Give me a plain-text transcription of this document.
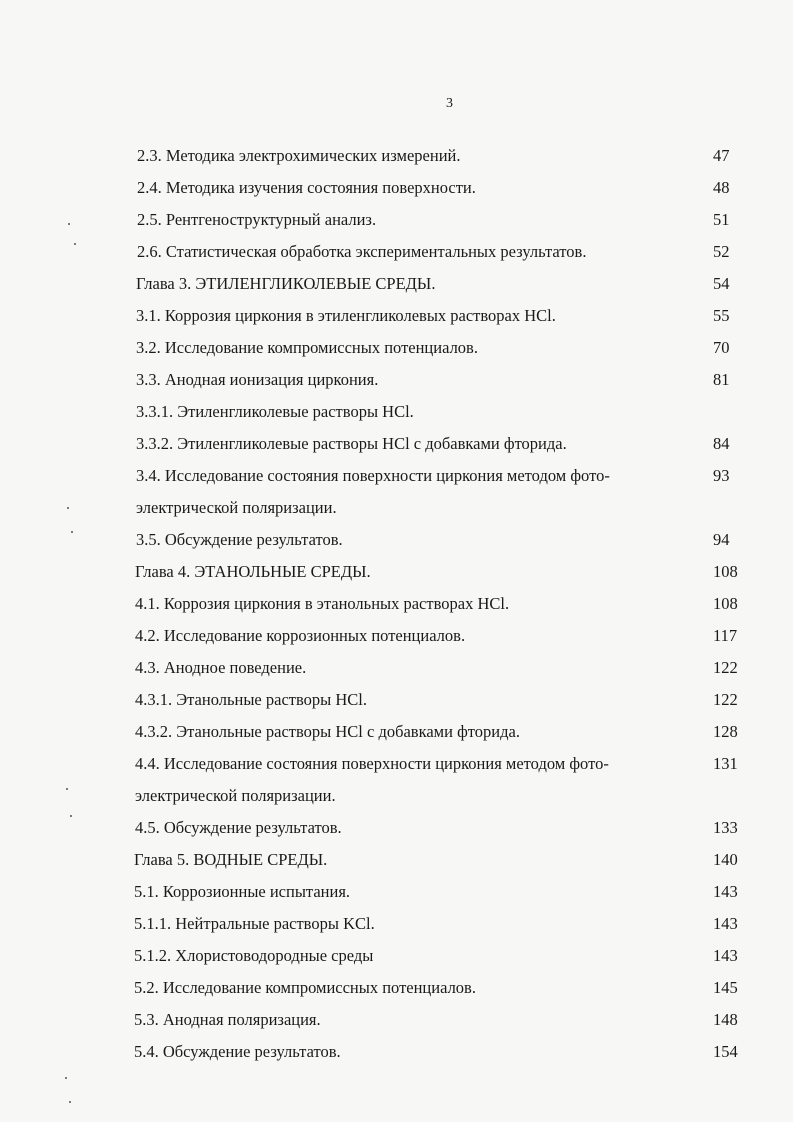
3
2.3. Методика электрохимических измерений.	47
2.4. Методика изучения состояния поверхности.	48
2.5. Рентгеноструктурный анализ.	51
2.6. Статистическая обработка экспериментальных результатов.	52
Глава 3. ЭТИЛЕНГЛИКОЛЕВЫЕ СРЕДЫ.	54
3.1. Коррозия циркония в этиленгликолевых растворах HCl.	55
3.2. Исследование компромиссных потенциалов.	70
3.3. Анодная ионизация циркония.	81
3.3.1. Этиленгликолевые растворы HCl.
3.3.2. Этиленгликолевые растворы HCl с добавками фторида.	84
3.4. Исследование состояния поверхности циркония методом фото-	93
электрической поляризации.
3.5. Обсуждение результатов.	94
Глава 4. ЭТАНОЛЬНЫЕ СРЕДЫ.	108
4.1. Коррозия циркония в этанольных растворах HCl.	108
4.2. Исследование коррозионных потенциалов.	117
4.3. Анодное поведение.	122
4.3.1. Этанольные растворы HCl.	122
4.3.2. Этанольные растворы HCl с добавками фторида.	128
4.4. Исследование состояния поверхности циркония методом фото-	131
электрической поляризации.
4.5. Обсуждение результатов.	133
Глава 5. ВОДНЫЕ СРЕДЫ.	140
5.1. Коррозионные испытания.	143
5.1.1. Нейтральные растворы KCl.	143
5.1.2. Хлористоводородные среды	143
5.2. Исследование компромиссных потенциалов.	145
5.3. Анодная поляризация.	148
5.4. Обсуждение результатов.	154
